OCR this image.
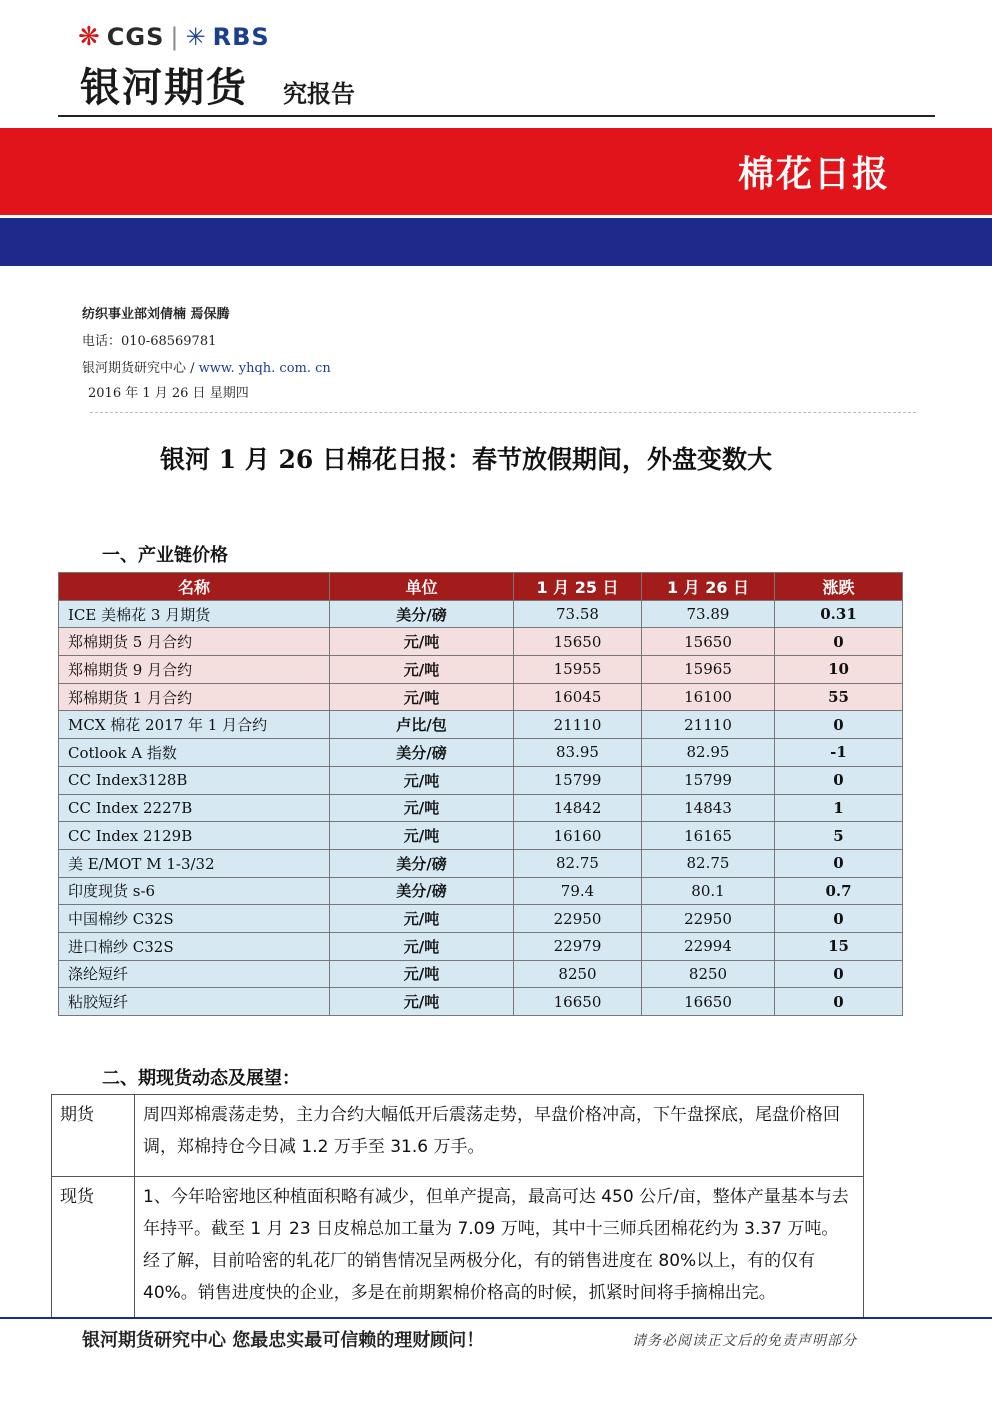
❋ CGS | ✳ RBS
银河期货 究报告
棉花日报
纺织事业部刘倩楠 焉保腾
电话：010-68569781
银河期货研究中心 / www. yhqh. com. cn
2016 年 1 月 26 日 星期四
银河 1 月 26 日棉花日报：春节放假期间，外盘变数大
一、产业链价格
名称	单位	1 月 25 日	1 月 26 日	涨跌
ICE 美棉花 3 月期货	美分/磅	73.58	73.89	0.31
郑棉期货 5 月合约	元/吨	15650	15650	0
郑棉期货 9 月合约	元/吨	15955	15965	10
郑棉期货 1 月合约	元/吨	16045	16100	55
MCX 棉花 2017 年 1 月合约	卢比/包	21110	21110	0
Cotlook A 指数	美分/磅	83.95	82.95	-1
CC Index3128B	元/吨	15799	15799	0
CC Index 2227B	元/吨	14842	14843	1
CC Index 2129B	元/吨	16160	16165	5
美 E/MOT M 1-3/32	美分/磅	82.75	82.75	0
印度现货 s-6	美分/磅	79.4	80.1	0.7
中国棉纱 C32S	元/吨	22950	22950	0
进口棉纱 C32S	元/吨	22979	22994	15
涤纶短纤	元/吨	8250	8250	0
粘胶短纤	元/吨	16650	16650	0
二、期现货动态及展望：
期货	周四郑棉震荡走势，主力合约大幅低开后震荡走势，早盘价格冲高，下午盘探底，尾盘价格回调，郑棉持仓今日减 1.2 万手至 31.6 万手。
现货	1、今年哈密地区种植面积略有减少，但单产提高，最高可达 450 公斤/亩，整体产量基本与去年持平。截至 1 月 23 日皮棉总加工量为 7.09 万吨，其中十三师兵团棉花约为 3.37 万吨。经了解，目前哈密的轧花厂的销售情况呈两极分化，有的销售进度在 80%以上，有的仅有 40%。销售进度快的企业，多是在前期絮棉价格高的时候，抓紧时间将手摘棉出完。
银河期货研究中心 您最忠实最可信赖的理财顾问！	请务必阅读正文后的免责声明部分
